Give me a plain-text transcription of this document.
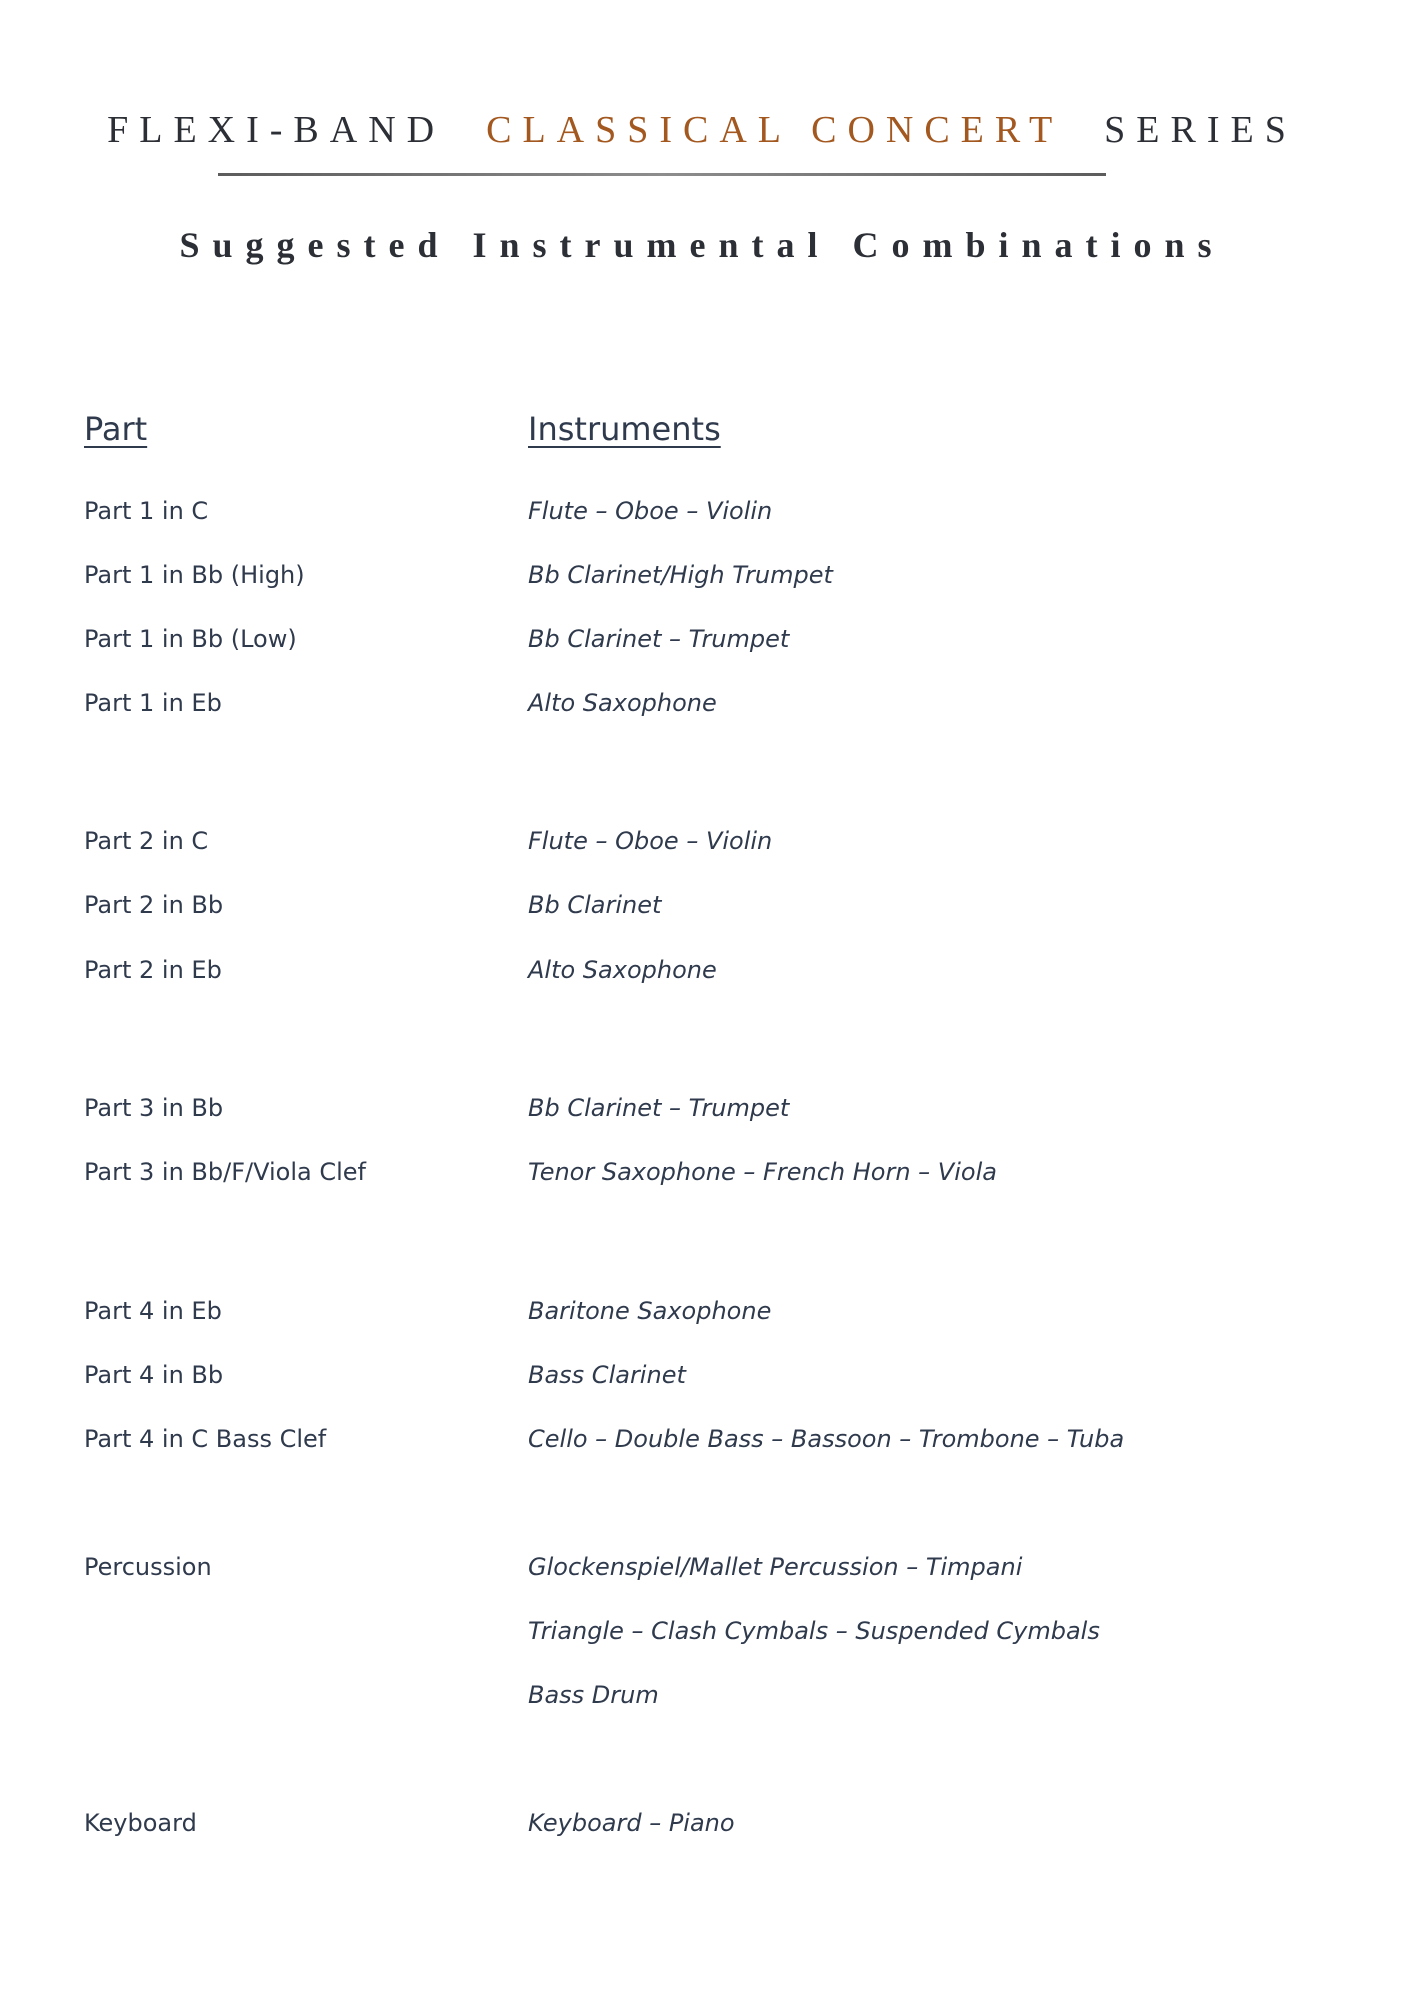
FLEXI-BAND CLASSICAL CONCERT SERIES
Suggested Instrumental Combinations
Part	Instruments
Part 1 in C	Flute – Oboe – Violin
Part 1 in Bb (High)	Bb Clarinet/High Trumpet
Part 1 in Bb (Low)	Bb Clarinet – Trumpet
Part 1 in Eb	Alto Saxophone
Part 2 in C	Flute – Oboe – Violin
Part 2 in Bb	Bb Clarinet
Part 2 in Eb	Alto Saxophone
Part 3 in Bb	Bb Clarinet – Trumpet
Part 3 in Bb/F/Viola Clef	Tenor Saxophone – French Horn – Viola
Part 4 in Eb	Baritone Saxophone
Part 4 in Bb	Bass Clarinet
Part 4 in C Bass Clef	Cello – Double Bass – Bassoon – Trombone – Tuba
Percussion	Glockenspiel/Mallet Percussion – Timpani
Triangle – Clash Cymbals – Suspended Cymbals
Bass Drum
Keyboard	Keyboard – Piano
